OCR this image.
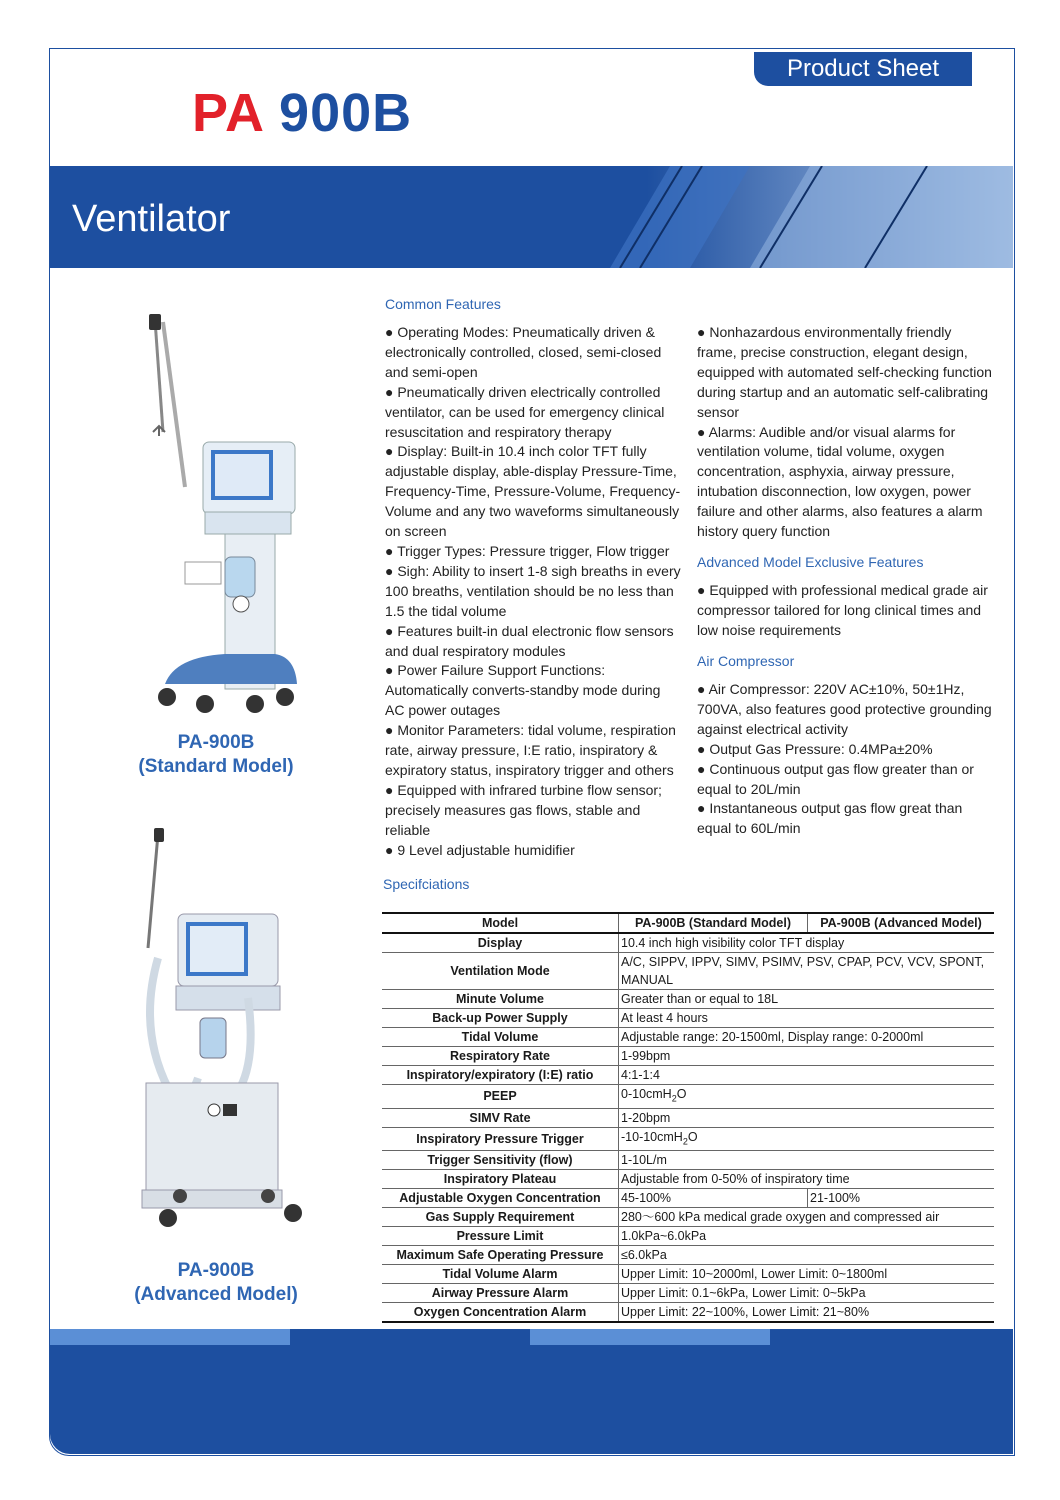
Product Sheet
PA 900B
Ventilator
PA-900B
(Standard Model)
PA-900B
(Advanced Model)
Common Features

● Operating Modes: Pneumatically driven & electronically controlled, closed, semi-closed and semi-open

● Pneumatically driven electrically controlled ventilator, can be used for emergency clinical resuscitation and respiratory therapy

● Display: Built-in 10.4 inch color TFT fully adjustable display, able-display Pressure-Time, Frequency-Time, Pressure-Volume, Frequency-Volume and any two waveforms simultaneously on screen

● Trigger Types: Pressure trigger, Flow trigger

● Sigh: Ability to insert 1-8 sigh breaths in every 100 breaths, ventilation should be no less than 1.5 the tidal volume

● Features built-in dual electronic flow sensors and dual respiratory modules

● Power Failure Support Functions: Automatically converts-standby mode during AC power outages

● Monitor Parameters: tidal volume, respiration rate, airway pressure, I:E ratio, inspiratory & expiratory status, inspiratory trigger and others

● Equipped with infrared turbine flow sensor; precisely measures gas flows, stable and reliable

● 9 Level adjustable humidifier

● Nonhazardous environmentally friendly frame, precise construction, elegant design, equipped with automated self-checking function during startup and an automatic self-calibrating sensor

● Alarms: Audible and/or visual alarms for ventilation volume, tidal volume, oxygen concentration, asphyxia, airway pressure, intubation disconnection, low oxygen, power failure and other alarms, also features a alarm history query function

Advanced Model Exclusive Features

● Equipped with professional medical grade air compressor tailored for long clinical times and low noise requirements

Air Compressor

● Air Compressor: 220V AC±10%, 50±1Hz, 700VA, also features good protective grounding against electrical activity

● Output Gas Pressure: 0.4MPa±20%

● Continuous output gas flow greater than or equal to 20L/min

● Instantaneous output gas flow great than equal to 60L/min

Specifciations
Model	PA-900B (Standard Model)	PA-900B (Advanced Model)
Display	10.4 inch high visibility color TFT display	
Ventilation Mode	A/C, SIPPV, IPPV, SIMV, PSIMV, PSV, CPAP, PCV, VCV, SPONT, MANUAL	
Minute Volume	Greater than or equal to 18L	
Back-up Power Supply	At least 4 hours	
Tidal Volume	Adjustable range: 20-1500ml, Display range: 0-2000ml	
Respiratory Rate	1-99bpm	
Inspiratory/expiratory (I:E) ratio	4:1-1:4	
PEEP	0-10cmH$_2$O	
SIMV Rate	1-20bpm	
Inspiratory Pressure Trigger	-10-10cmH$_2$O	
Trigger Sensitivity (flow)	1-10L/m	
Inspiratory Plateau	Adjustable from 0-50% of inspiratory time	
Adjustable Oxygen Concentration	45-100%	21-100%
Gas Supply Requirement	280～600 kPa medical grade oxygen and compressed air	
Pressure Limit	1.0kPa~6.0kPa	
Maximum Safe Operating Pressure	≤6.0kPa	
Tidal Volume Alarm	Upper Limit: 10~2000ml, Lower Limit: 0~1800ml	
Airway Pressure Alarm	Upper Limit: 0.1~6kPa, Lower Limit: 0~5kPa	
Oxygen Concentration Alarm	Upper Limit: 22~100%, Lower Limit: 21~80%	
